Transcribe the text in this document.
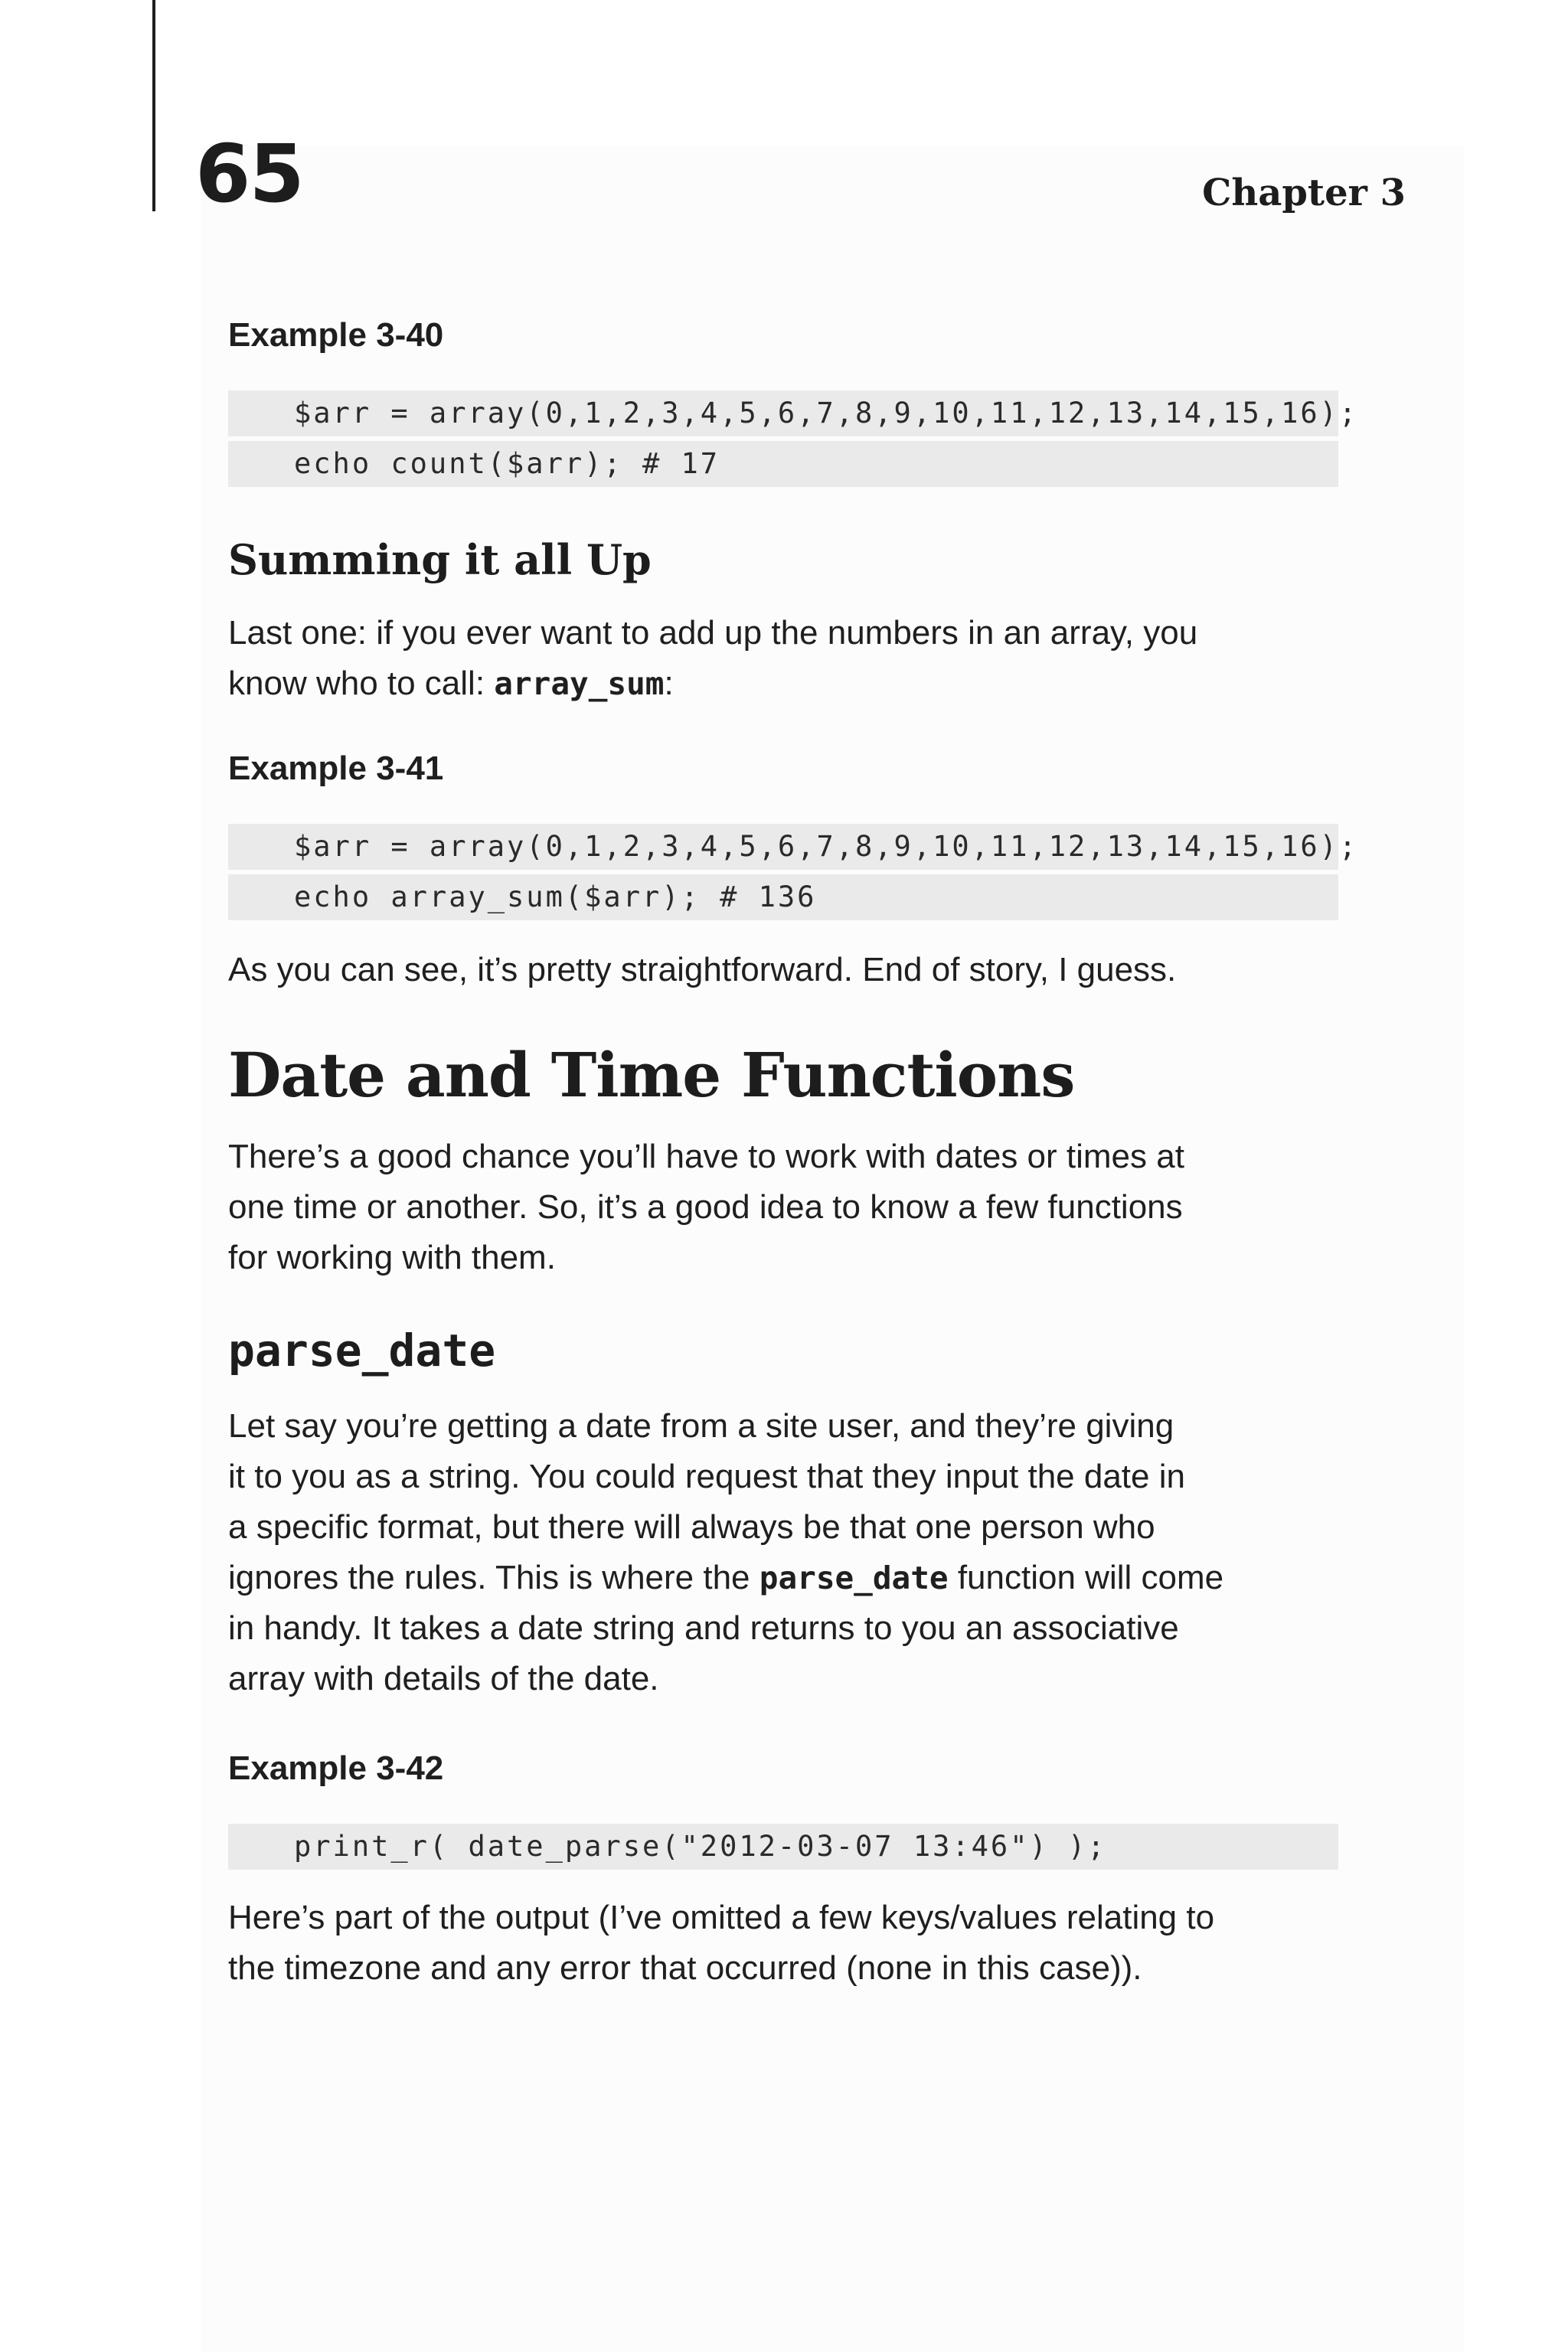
65	Chapter 3

Example 3-40

$arr = array(0,1,2,3,4,5,6,7,8,9,10,11,12,13,14,15,16);
echo count($arr); # 17
Summing it all Up

Last one: if you ever want to add up the numbers in an array, you

know who to call: array_sum:

Example 3-41

$arr = array(0,1,2,3,4,5,6,7,8,9,10,11,12,13,14,15,16);
echo array_sum($arr); # 136

As you can see, it’s pretty straightforward. End of story, I guess.

Date and Time Functions

There’s a good chance you’ll have to work with dates or times at

one time or another. So, it’s a good idea to know a few functions

for working with them.

parse_date

Let say you’re getting a date from a site user, and they’re giving

it to you as a string. You could request that they input the date in

a specific format, but there will always be that one person who

ignores the rules. This is where the parse_date function will come

in handy. It takes a date string and returns to you an associative

array with details of the date.

Example 3-42

print_r( date_parse("2012-03-07 13:46") );

Here’s part of the output (I’ve omitted a few keys/values relating to

the timezone and any error that occurred (none in this case)).
